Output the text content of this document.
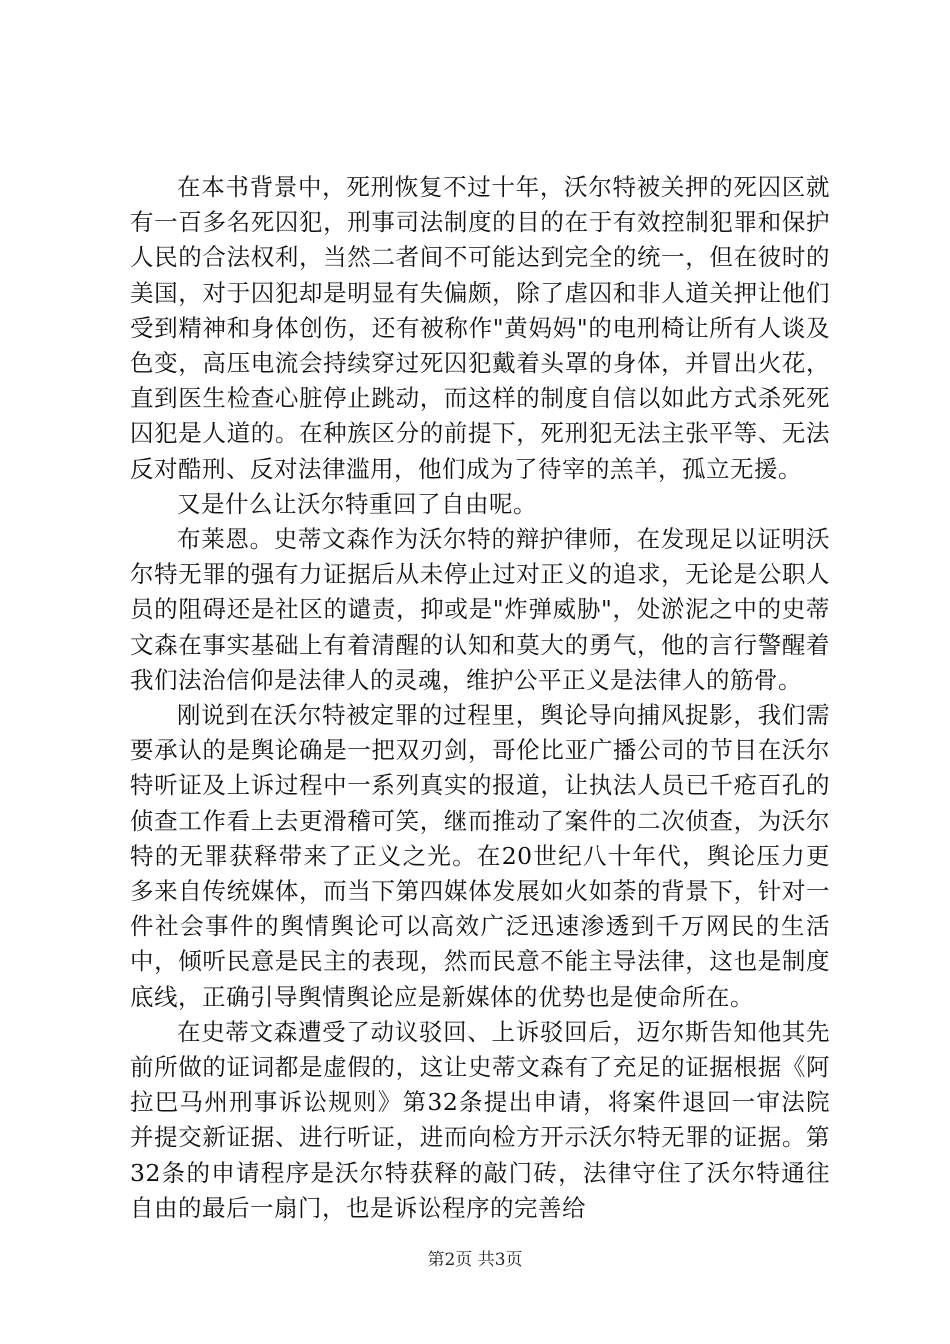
在本书背景中，死刑恢复不过十年，沃尔特被关押的死囚区就有一百多名死囚犯，刑事司法制度的目的在于有效控制犯罪和保护人民的合法权利，当然二者间不可能达到完全的统一，但在彼时的美国，对于囚犯却是明显有失偏颇，除了虐囚和非人道关押让他们受到精神和身体创伤，还有被称作"黄妈妈"的电刑椅让所有人谈及色变，高压电流会持续穿过死囚犯戴着头罩的身体，并冒出火花，直到医生检查心脏停止跳动，而这样的制度自信以如此方式杀死死囚犯是人道的。在种族区分的前提下，死刑犯无法主张平等、无法反对酷刑、反对法律滥用，他们成为了待宰的羔羊，孤立无援。

又是什么让沃尔特重回了自由呢。

布莱恩。史蒂文森作为沃尔特的辩护律师，在发现足以证明沃尔特无罪的强有力证据后从未停止过对正义的追求，无论是公职人员的阻碍还是社区的谴责，抑或是"炸弹威胁"，处淤泥之中的史蒂文森在事实基础上有着清醒的认知和莫大的勇气，他的言行警醒着我们法治信仰是法律人的灵魂，维护公平正义是法律人的筋骨。

刚说到在沃尔特被定罪的过程里，舆论导向捕风捉影，我们需要承认的是舆论确是一把双刃剑，哥伦比亚广播公司的节目在沃尔特听证及上诉过程中一系列真实的报道，让执法人员已千疮百孔的侦查工作看上去更滑稽可笑，继而推动了案件的二次侦查，为沃尔特的无罪获释带来了正义之光。在20世纪八十年代，舆论压力更多来自传统媒体，而当下第四媒体发展如火如荼的背景下，针对一件社会事件的舆情舆论可以高效广泛迅速渗透到千万网民的生活中，倾听民意是民主的表现，然而民意不能主导法律，这也是制度底线，正确引导舆情舆论应是新媒体的优势也是使命所在。

在史蒂文森遭受了动议驳回、上诉驳回后，迈尔斯告知他其先前所做的证词都是虚假的，这让史蒂文森有了充足的证据根据《阿拉巴马州刑事诉讼规则》第32条提出申请，将案件退回一审法院并提交新证据、进行听证，进而向检方开示沃尔特无罪的证据。第32条的申请程序是沃尔特获释的敲门砖，法律守住了沃尔特通往自由的最后一扇门，也是诉讼程序的完善给

第2页 共3页
